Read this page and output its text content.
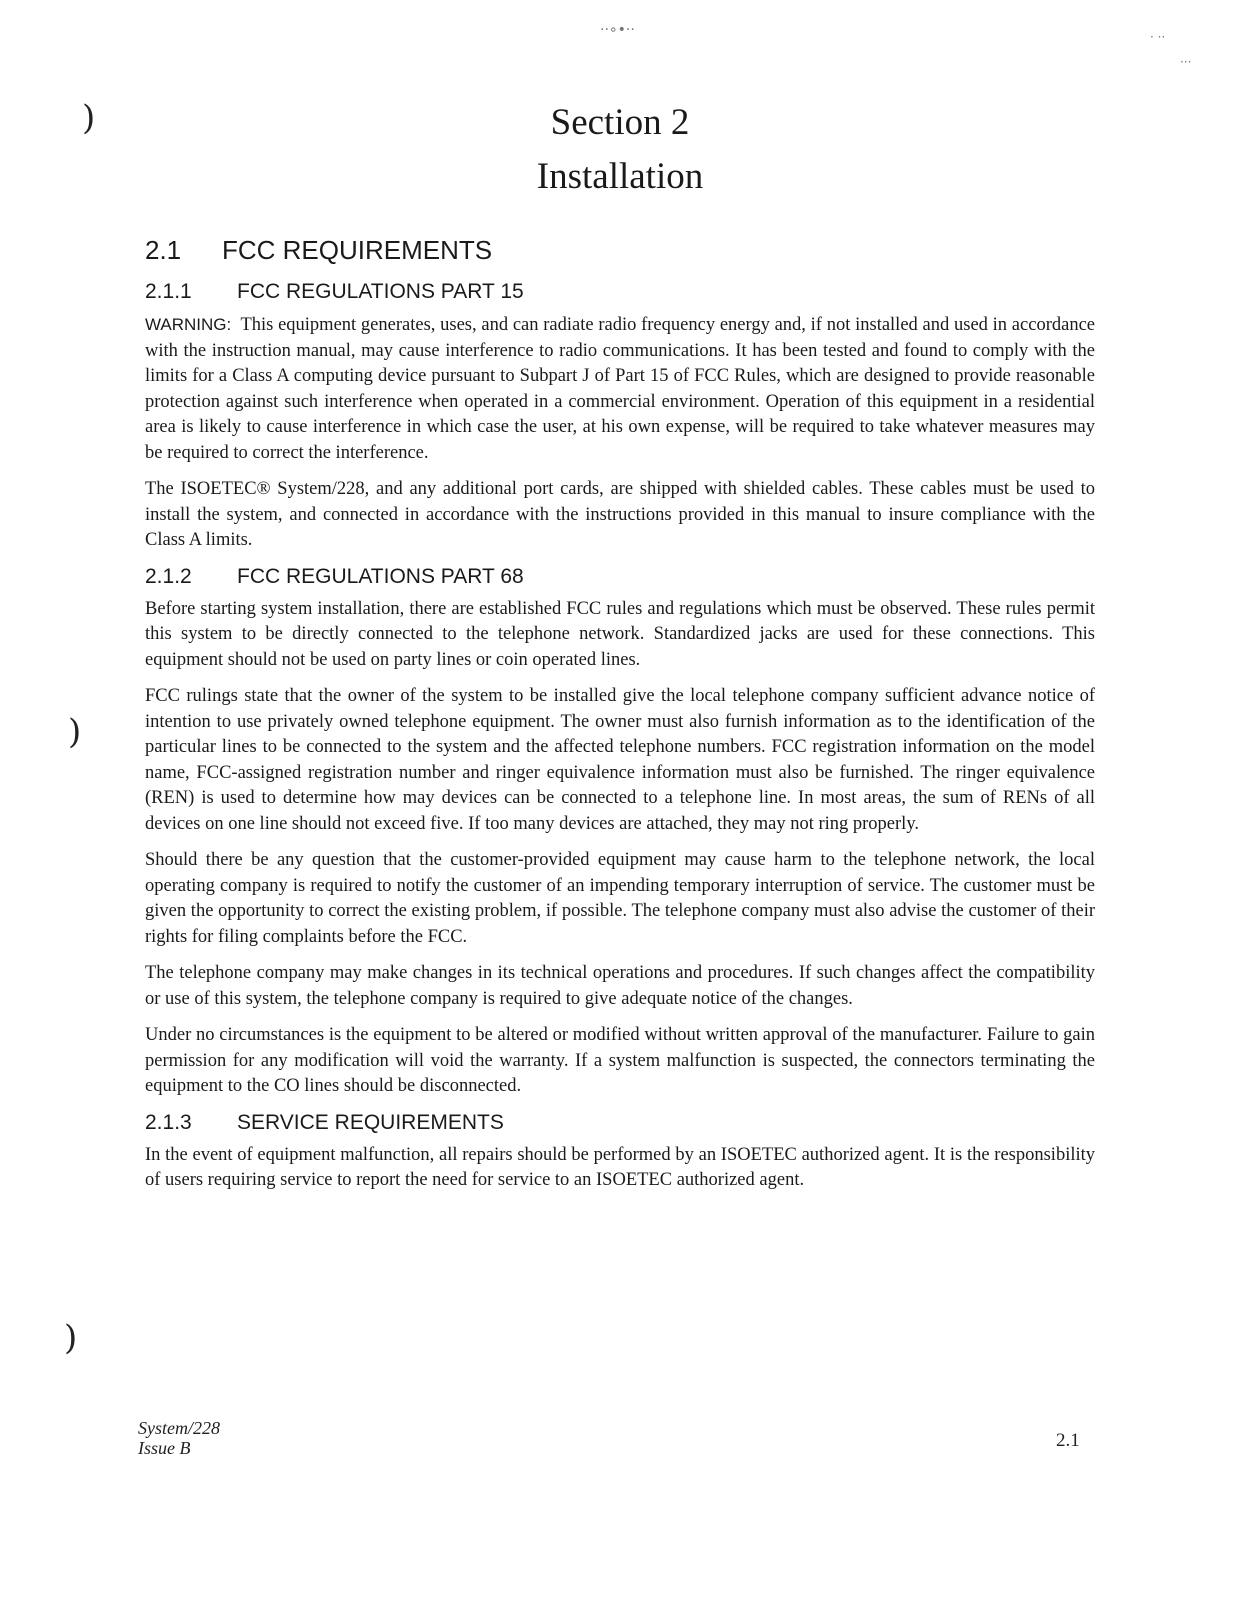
⋅·∘•·⋅	· ⋅·
·⋅·
)
)
)
Section 2
Installation
2.1 FCC REQUIREMENTS
2.1.1 FCC REGULATIONS PART 15

WARNING: This equipment generates, uses, and can radiate radio frequency energy and, if not installed and used in accordance with the instruction manual, may cause interference to radio communications. It has been tested and found to comply with the limits for a Class A computing device pursuant to Subpart J of Part 15 of FCC Rules, which are designed to provide reasonable protection against such interference when operated in a commercial environment. Operation of this equipment in a residential area is likely to cause interference in which case the user, at his own expense, will be required to take whatever measures may be required to correct the interference.

The ISOETEC® System/228, and any additional port cards, are shipped with shielded cables. These cables must be used to install the system, and connected in accordance with the instructions provided in this manual to insure compliance with the Class A limits.

2.1.2 FCC REGULATIONS PART 68

Before starting system installation, there are established FCC rules and regulations which must be observed. These rules permit this system to be directly connected to the telephone network. Standardized jacks are used for these connections. This equipment should not be used on party lines or coin operated lines.

FCC rulings state that the owner of the system to be installed give the local telephone company sufficient advance notice of intention to use privately owned telephone equipment. The owner must also furnish information as to the identification of the particular lines to be connected to the system and the affected telephone numbers. FCC registration information on the model name, FCC-assigned registration number and ringer equivalence information must also be furnished. The ringer equivalence (REN) is used to determine how may devices can be connected to a telephone line. In most areas, the sum of RENs of all devices on one line should not exceed five. If too many devices are attached, they may not ring properly.

Should there be any question that the customer-provided equipment may cause harm to the telephone network, the local operating company is required to notify the customer of an impending temporary interruption of service. The customer must be given the opportunity to correct the existing problem, if possible. The telephone company must also advise the customer of their rights for filing complaints before the FCC.

The telephone company may make changes in its technical operations and procedures. If such changes affect the compatibility or use of this system, the telephone company is required to give adequate notice of the changes.

Under no circumstances is the equipment to be altered or modified without written approval of the manufacturer. Failure to gain permission for any modification will void the warranty. If a system malfunction is suspected, the connectors terminating the equipment to the CO lines should be disconnected.

2.1.3 SERVICE REQUIREMENTS

In the event of equipment malfunction, all repairs should be performed by an ISOETEC authorized agent. It is the responsibility of users requiring service to report the need for service to an ISOETEC authorized agent.

System/228
Issue B	2.1
